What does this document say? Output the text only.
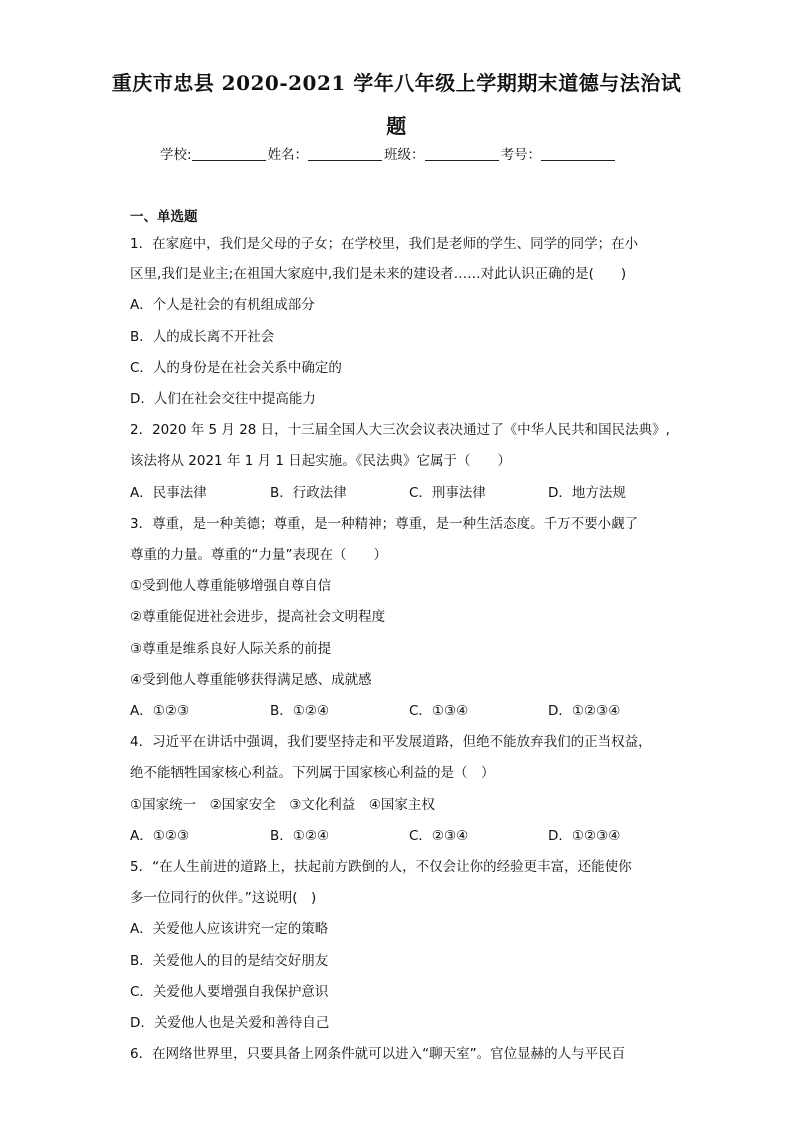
重庆市忠县 2020-2021 学年八年级上学期期末道德与法治试
题
学校:	姓名：	班级：	考号：
一、单选题
1．在家庭中，我们是父母的子女；在学校里，我们是老师的学生、同学的同学；在小
区里,我们是业主;在祖国大家庭中,我们是未来的建设者……对此认识正确的是(　　)
A．个人是社会的有机组成部分
B．人的成长离不开社会
C．人的身份是在社会关系中确定的
D．人们在社会交往中提高能力
2．2020 年 5 月 28 日，十三届全国人大三次会议表决通过了《中华人民共和国民法典》,
该法将从 2021 年 1 月 1 日起实施。《民法典》它属于（　　）
A．民事法律	B．行政法律	C．刑事法律	D．地方法规
3．尊重，是一种美德；尊重，是一种精神；尊重，是一种生活态度。千万不要小觑了
尊重的力量。尊重的“力量”表现在（　　）
①受到他人尊重能够增强自尊自信
②尊重能促进社会进步，提高社会文明程度
③尊重是维系良好人际关系的前提
④受到他人尊重能够获得满足感、成就感
A．①②③	B．①②④	C．①③④	D．①②③④
4．习近平在讲话中强调，我们要坚持走和平发展道路，但绝不能放弃我们的正当权益，
绝不能牺牲国家核心利益。下列属于国家核心利益的是（　）
①国家统一　②国家安全　③文化利益　④国家主权
A．①②③	B．①②④	C．②③④	D．①②③④
5．“在人生前进的道路上，扶起前方跌倒的人，不仅会让你的经验更丰富，还能使你
多一位同行的伙伴。”这说明(　)
A．关爱他人应该讲究一定的策略
B．关爱他人的目的是结交好朋友
C．关爱他人要增强自我保护意识
D．关爱他人也是关爱和善待自己
6．在网络世界里，只要具备上网条件就可以进入“聊天室”。官位显赫的人与平民百
